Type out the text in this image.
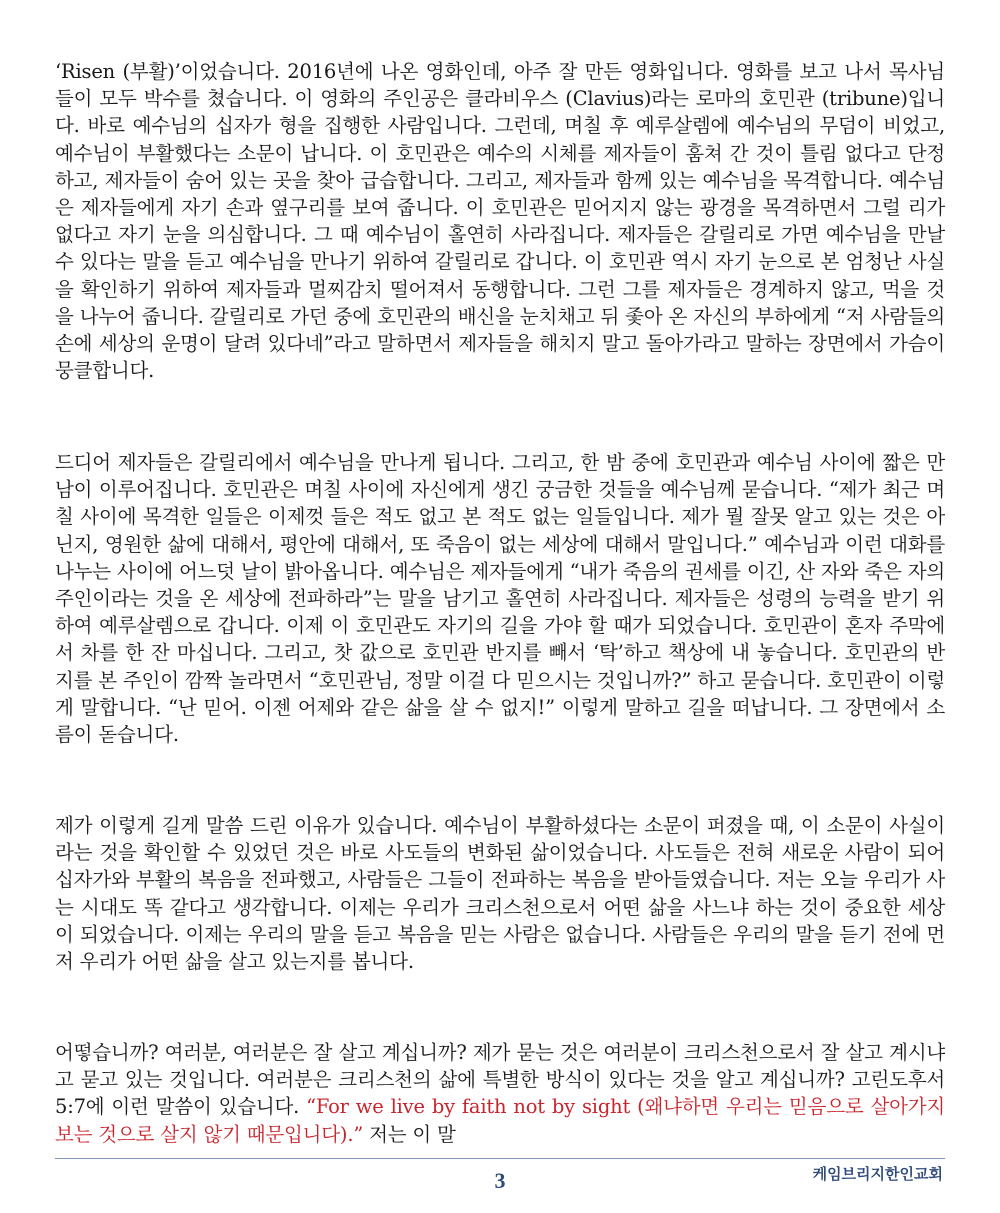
‘Risen (부활)’이었습니다. 2016년에 나온 영화인데, 아주 잘 만든 영화입니다. 영화를 보고 나서 목사님들이 모두 박수를 쳤습니다. 이 영화의 주인공은 클라비우스 (Clavius)라는 로마의 호민관 (tribune)입니다. 바로 예수님의 십자가 형을 집행한 사람입니다. 그런데, 며칠 후 예루살렘에 예수님의 무덤이 비었고, 예수님이 부활했다는 소문이 납니다. 이 호민관은 예수의 시체를 제자들이 훔쳐 간 것이 틀림 없다고 단정하고, 제자들이 숨어 있는 곳을 찾아 급습합니다. 그리고, 제자들과 함께 있는 예수님을 목격합니다. 예수님은 제자들에게 자기 손과 옆구리를 보여 줍니다. 이 호민관은 믿어지지 않는 광경을 목격하면서 그럴 리가 없다고 자기 눈을 의심합니다. 그 때 예수님이 홀연히 사라집니다. 제자들은 갈릴리로 가면 예수님을 만날 수 있다는 말을 듣고 예수님을 만나기 위하여 갈릴리로 갑니다. 이 호민관 역시 자기 눈으로 본 엄청난 사실을 확인하기 위하여 제자들과 멀찌감치 떨어져서 동행합니다. 그런 그를 제자들은 경계하지 않고, 먹을 것을 나누어 줍니다. 갈릴리로 가던 중에 호민관의 배신을 눈치채고 뒤 좇아 온 자신의 부하에게 “저 사람들의 손에 세상의 운명이 달려 있다네”라고 말하면서 제자들을 해치지 말고 돌아가라고 말하는 장면에서 가슴이 뭉클합니다.

드디어 제자들은 갈릴리에서 예수님을 만나게 됩니다. 그리고, 한 밤 중에 호민관과 예수님 사이에 짧은 만남이 이루어집니다. 호민관은 며칠 사이에 자신에게 생긴 궁금한 것들을 예수님께 묻습니다. “제가 최근 며칠 사이에 목격한 일들은 이제껏 들은 적도 없고 본 적도 없는 일들입니다. 제가 뭘 잘못 알고 있는 것은 아닌지, 영원한 삶에 대해서, 평안에 대해서, 또 죽음이 없는 세상에 대해서 말입니다.” 예수님과 이런 대화를 나누는 사이에 어느덧 날이 밝아옵니다. 예수님은 제자들에게 “내가 죽음의 권세를 이긴, 산 자와 죽은 자의 주인이라는 것을 온 세상에 전파하라”는 말을 남기고 홀연히 사라집니다. 제자들은 성령의 능력을 받기 위하여 예루살렘으로 갑니다. 이제 이 호민관도 자기의 길을 가야 할 때가 되었습니다. 호민관이 혼자 주막에서 차를 한 잔 마십니다. 그리고, 찻 값으로 호민관 반지를 빼서 ‘탁’하고 책상에 내 놓습니다. 호민관의 반지를 본 주인이 깜짝 놀라면서 “호민관님, 정말 이걸 다 믿으시는 것입니까?” 하고 묻습니다. 호민관이 이렇게 말합니다. “난 믿어. 이젠 어제와 같은 삶을 살 수 없지!” 이렇게 말하고 길을 떠납니다. 그 장면에서 소름이 돋습니다.

제가 이렇게 길게 말씀 드린 이유가 있습니다. 예수님이 부활하셨다는 소문이 퍼졌을 때, 이 소문이 사실이라는 것을 확인할 수 있었던 것은 바로 사도들의 변화된 삶이었습니다. 사도들은 전혀 새로운 사람이 되어 십자가와 부활의 복음을 전파했고, 사람들은 그들이 전파하는 복음을 받아들였습니다. 저는 오늘 우리가 사는 시대도 똑 같다고 생각합니다. 이제는 우리가 크리스천으로서 어떤 삶을 사느냐 하는 것이 중요한 세상이 되었습니다. 이제는 우리의 말을 듣고 복음을 믿는 사람은 없습니다. 사람들은 우리의 말을 듣기 전에 먼저 우리가 어떤 삶을 살고 있는지를 봅니다.

어떻습니까? 여러분, 여러분은 잘 살고 계십니까? 제가 묻는 것은 여러분이 크리스천으로서 잘 살고 계시냐고 묻고 있는 것입니다. 여러분은 크리스천의 삶에 특별한 방식이 있다는 것을 알고 계십니까? 고린도후서 5:7에 이런 말씀이 있습니다. “For we live by faith not by sight (왜냐하면 우리는 믿음으로 살아가지 보는 것으로 살지 않기 때문입니다).” 저는 이 말

3	케임브리지한인교회
